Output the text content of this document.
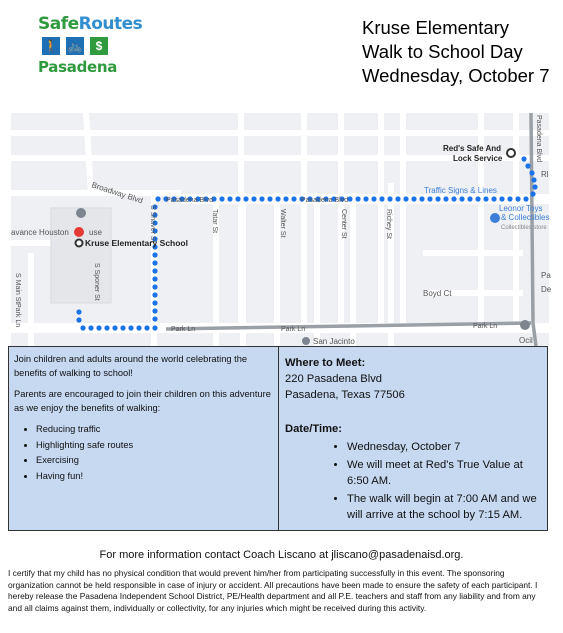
SafeRoutes
🚶 🚲	$
Pasadena
Kruse Elementary
Walk to School Day
Wednesday, October 7
Red's Safe And
Lock Service
Kruse Elementary School
avance Houston	use
Broadway Blvd	Pasadena Blvd	Pasadena Blvd
Traffic Signs & Lines
Leonor Toys
& Collectibles
Collectibles store
Park Ln	Park Ln	Park Ln
Boyd Ct
San Jacinto	Ocil
Rl
Pa
De
S Main St
Park Ln
S Sponer St
S Shaver St	Tatar St	Walter St	Center St	Richey St
Pasadena Blvd

Join children and adults around the world celebrating the benefits of walking to school!

Parents are encouraged to join their children on this adventure as we enjoy the benefits of walking:

• Reducing traffic
• Highlighting safe routes
• Exercising
• Having fun!
Where to Meet:
220 Pasadena Blvd
Pasadena, Texas 77506
Date/Time:
• Wednesday, October 7
• We will meet at Red's True Value at 6:50 AM.
• The walk will begin at 7:00 AM and we will arrive at the school by 7:15 AM.
For more information contact Coach Liscano at jliscano@pasadenaisd.org.
I certify that my child has no physical condition that would prevent him/her from participating successfully in this event. The sponsoring organization cannot be held responsible in case of injury or accident. All precautions have been made to ensure the safety of each participant. I hereby release the Pasadena Independent School District, PE/Health department and all P.E. teachers and staff from any liability and from any and all claims against them, individually or collectivity, for any injuries which might be received during this activity.
